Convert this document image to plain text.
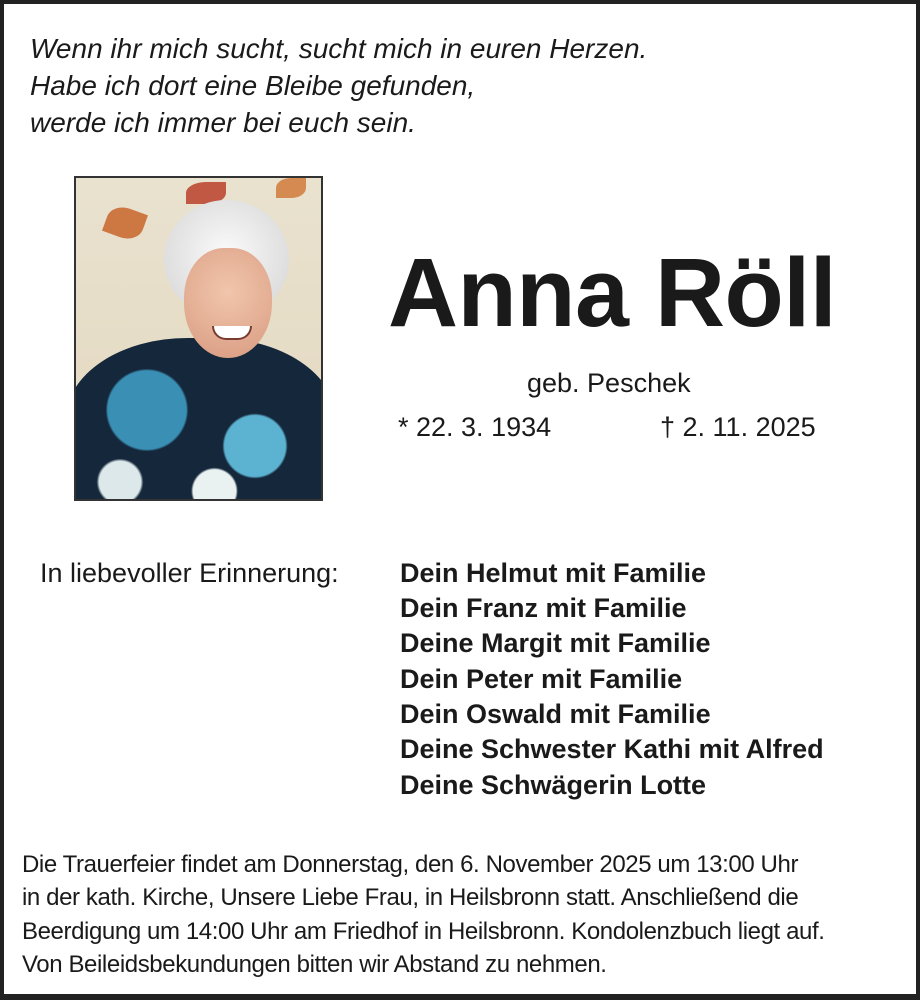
Wenn ihr mich sucht, sucht mich in euren Herzen.
Habe ich dort eine Bleibe gefunden,
werde ich immer bei euch sein.
Anna Röll
geb. Peschek
* 22. 3. 1934	† 2. 11. 2025
In liebevoller Erinnerung: Dein Helmut mit Familie
Dein Franz mit Familie
Deine Margit mit Familie
Dein Peter mit Familie
Dein Oswald mit Familie
Deine Schwester Kathi mit Alfred
Deine Schwägerin Lotte
Die Trauerfeier findet am Donnerstag, den 6. November 2025 um 13:00 Uhr
in der kath. Kirche, Unsere Liebe Frau, in Heilsbronn statt. Anschließend die
Beerdigung um 14:00 Uhr am Friedhof in Heilsbronn. Kondolenzbuch liegt auf.
Von Beileidsbekundungen bitten wir Abstand zu nehmen.
